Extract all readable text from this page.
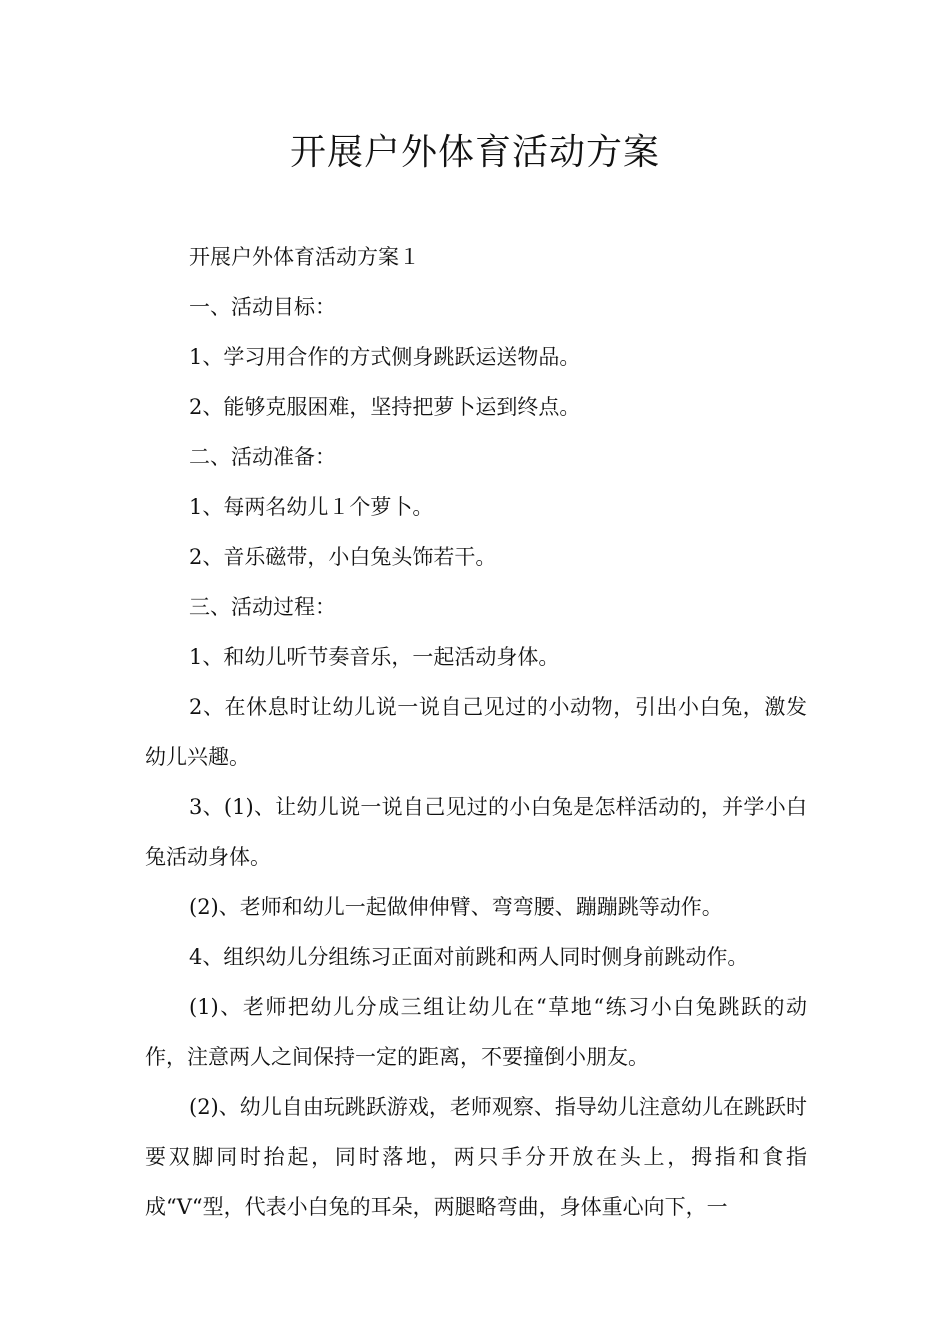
开展户外体育活动方案

开展户外体育活动方案１

一、活动目标：

1、学习用合作的方式侧身跳跃运送物品。

2、能够克服困难，坚持把萝卜运到终点。

二、活动准备：

1、每两名幼儿１个萝卜。

2、音乐磁带，小白兔头饰若干。

三、活动过程：

1、和幼儿听节奏音乐，一起活动身体。

2、在休息时让幼儿说一说自己见过的小动物，引出小白兔，激发幼儿兴趣。

3、(1)、让幼儿说一说自己见过的小白兔是怎样活动的，并学小白兔活动身体。

(2)、老师和幼儿一起做伸伸臂、弯弯腰、蹦蹦跳等动作。

4、组织幼儿分组练习正面对前跳和两人同时侧身前跳动作。

(1)、老师把幼儿分成三组让幼儿在“草地“练习小白兔跳跃的动作，注意两人之间保持一定的距离，不要撞倒小朋友。

(2)、幼儿自由玩跳跃游戏，老师观察、指导幼儿注意幼儿在跳跃时要双脚同时抬起，同时落地，两只手分开放在头上，拇指和食指成“V“型，代表小白兔的耳朵，两腿略弯曲，身体重心向下，一
